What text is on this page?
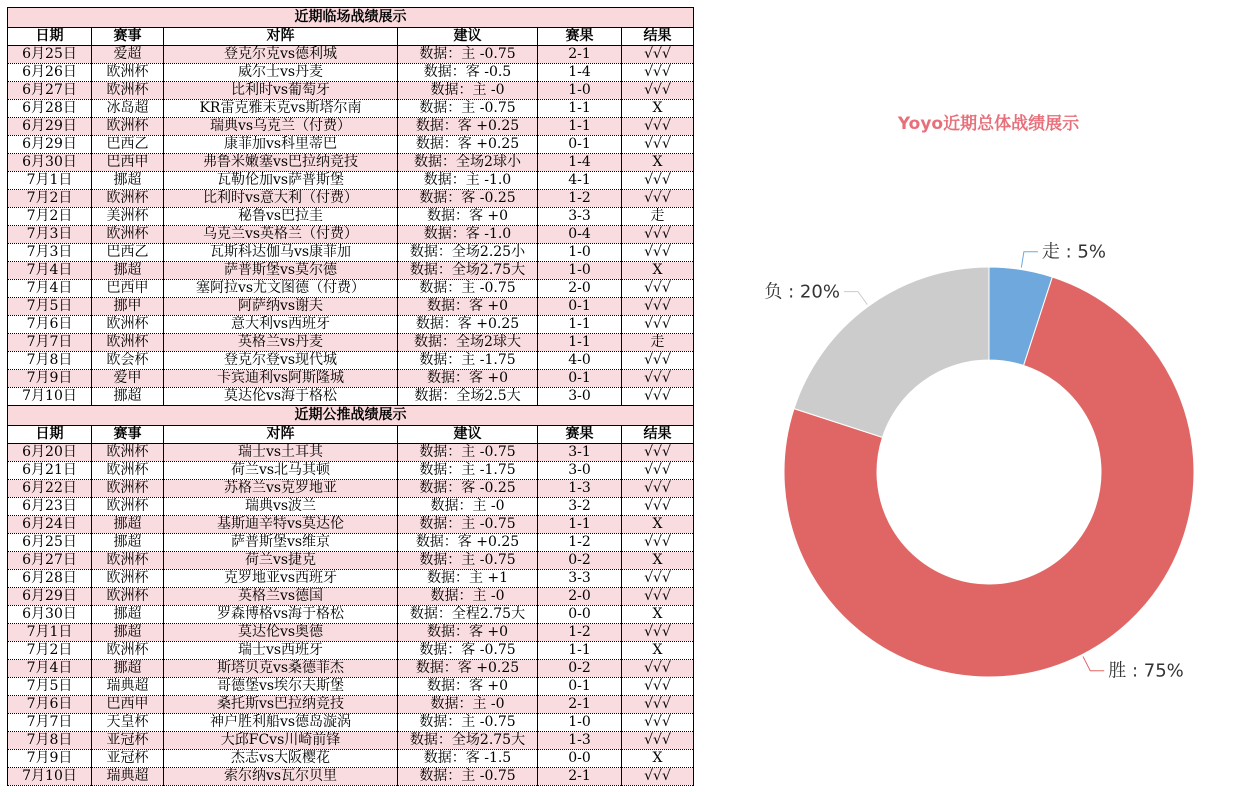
近期临场战绩展示					
日期	赛事	对阵	建议	赛果	结果
6月25日	爱超	登克尔克vs德利城	数据：主 -0.75	2-1	√√√
6月26日	欧洲杯	威尔士vs丹麦	数据：客 -0.5	1-4	√√√
6月27日	欧洲杯	比利时vs葡萄牙	数据：主 -0	1-0	√√√
6月28日	冰岛超	KR雷克雅未克vs斯塔尔南	数据：主 -0.75	1-1	X
6月29日	欧洲杯	瑞典vs乌克兰（付费）	数据：客 +0.25	1-1	√√√
6月29日	巴西乙	康菲加vs科里蒂巴	数据：客 +0.25	0-1	√√√
6月30日	巴西甲	弗鲁米嫩塞vs巴拉纳竞技	数据：全场2球小	1-4	X
7月1日	挪超	瓦勒伦加vs萨普斯堡	数据：主 -1.0	4-1	√√√
7月2日	欧洲杯	比利时vs意大利（付费）	数据：客 -0.25	1-2	√√√
7月2日	美洲杯	秘鲁vs巴拉圭	数据：客 +0	3-3	走
7月3日	欧洲杯	乌克兰vs英格兰（付费）	数据：客 -1.0	0-4	√√√
7月3日	巴西乙	瓦斯科达伽马vs康菲加	数据：全场2.25小	1-0	√√√
7月4日	挪超	萨普斯堡vs莫尔德	数据：全场2.75大	1-0	X
7月4日	巴西甲	塞阿拉vs尤文图德（付费）	数据：主 -0.75	2-0	√√√
7月5日	挪甲	阿萨纳vs谢夫	数据：客 +0	0-1	√√√
7月6日	欧洲杯	意大利vs西班牙	数据：客 +0.25	1-1	√√√
7月7日	欧洲杯	英格兰vs丹麦	数据：全场2球大	1-1	走
7月8日	欧会杯	登克尔登vs现代城	数据：主 -1.75	4-0	√√√
7月9日	爱甲	卡宾迪利vs阿斯隆城	数据：客 +0	0-1	√√√
7月10日	挪超	莫达伦vs海于格松	数据：全场2.5大	3-0	√√√
近期公推战绩展示					
日期	赛事	对阵	建议	赛果	结果
6月20日	欧洲杯	瑞士vs土耳其	数据：主 -0.75	3-1	√√√
6月21日	欧洲杯	荷兰vs北马其顿	数据：主 -1.75	3-0	√√√
6月22日	欧洲杯	苏格兰vs克罗地亚	数据：客 -0.25	1-3	√√√
6月23日	欧洲杯	瑞典vs波兰	数据：主 -0	3-2	√√√
6月24日	挪超	基斯迪辛特vs莫达伦	数据：主 -0.75	1-1	X
6月25日	挪超	萨普斯堡vs维京	数据：客 +0.25	1-2	√√√
6月27日	欧洲杯	荷兰vs捷克	数据：主 -0.75	0-2	X
6月28日	欧洲杯	克罗地亚vs西班牙	数据：主 +1	3-3	√√√
6月29日	欧洲杯	英格兰vs德国	数据：主 -0	2-0	√√√
6月30日	挪超	罗森博格vs海于格松	数据：全程2.75大	0-0	X
7月1日	挪超	莫达伦vs奥德	数据：客 +0	1-2	√√√
7月2日	欧洲杯	瑞士vs西班牙	数据：客 -0.75	1-1	X
7月4日	挪超	斯塔贝克vs桑德菲杰	数据：客 +0.25	0-2	√√√
7月5日	瑞典超	哥德堡vs埃尔夫斯堡	数据：客 +0	0-1	√√√
7月6日	巴西甲	桑托斯vs巴拉纳竞技	数据：主 -0	2-1	√√√
7月7日	天皇杯	神户胜利船vs德岛漩涡	数据：主 -0.75	1-0	√√√
7月8日	亚冠杯	大邱FCvs川崎前锋	数据：全场2.75大	1-3	√√√
7月9日	亚冠杯	杰志vs大阪樱花	数据：客 -1.5	0-0	X
7月10日	瑞典超	索尔纳vs瓦尔贝里	数据：主 -0.75	2-1	√√√
Yoyo近期总体战绩展示
走 : 5%
胜 : 75%
负 : 20%
